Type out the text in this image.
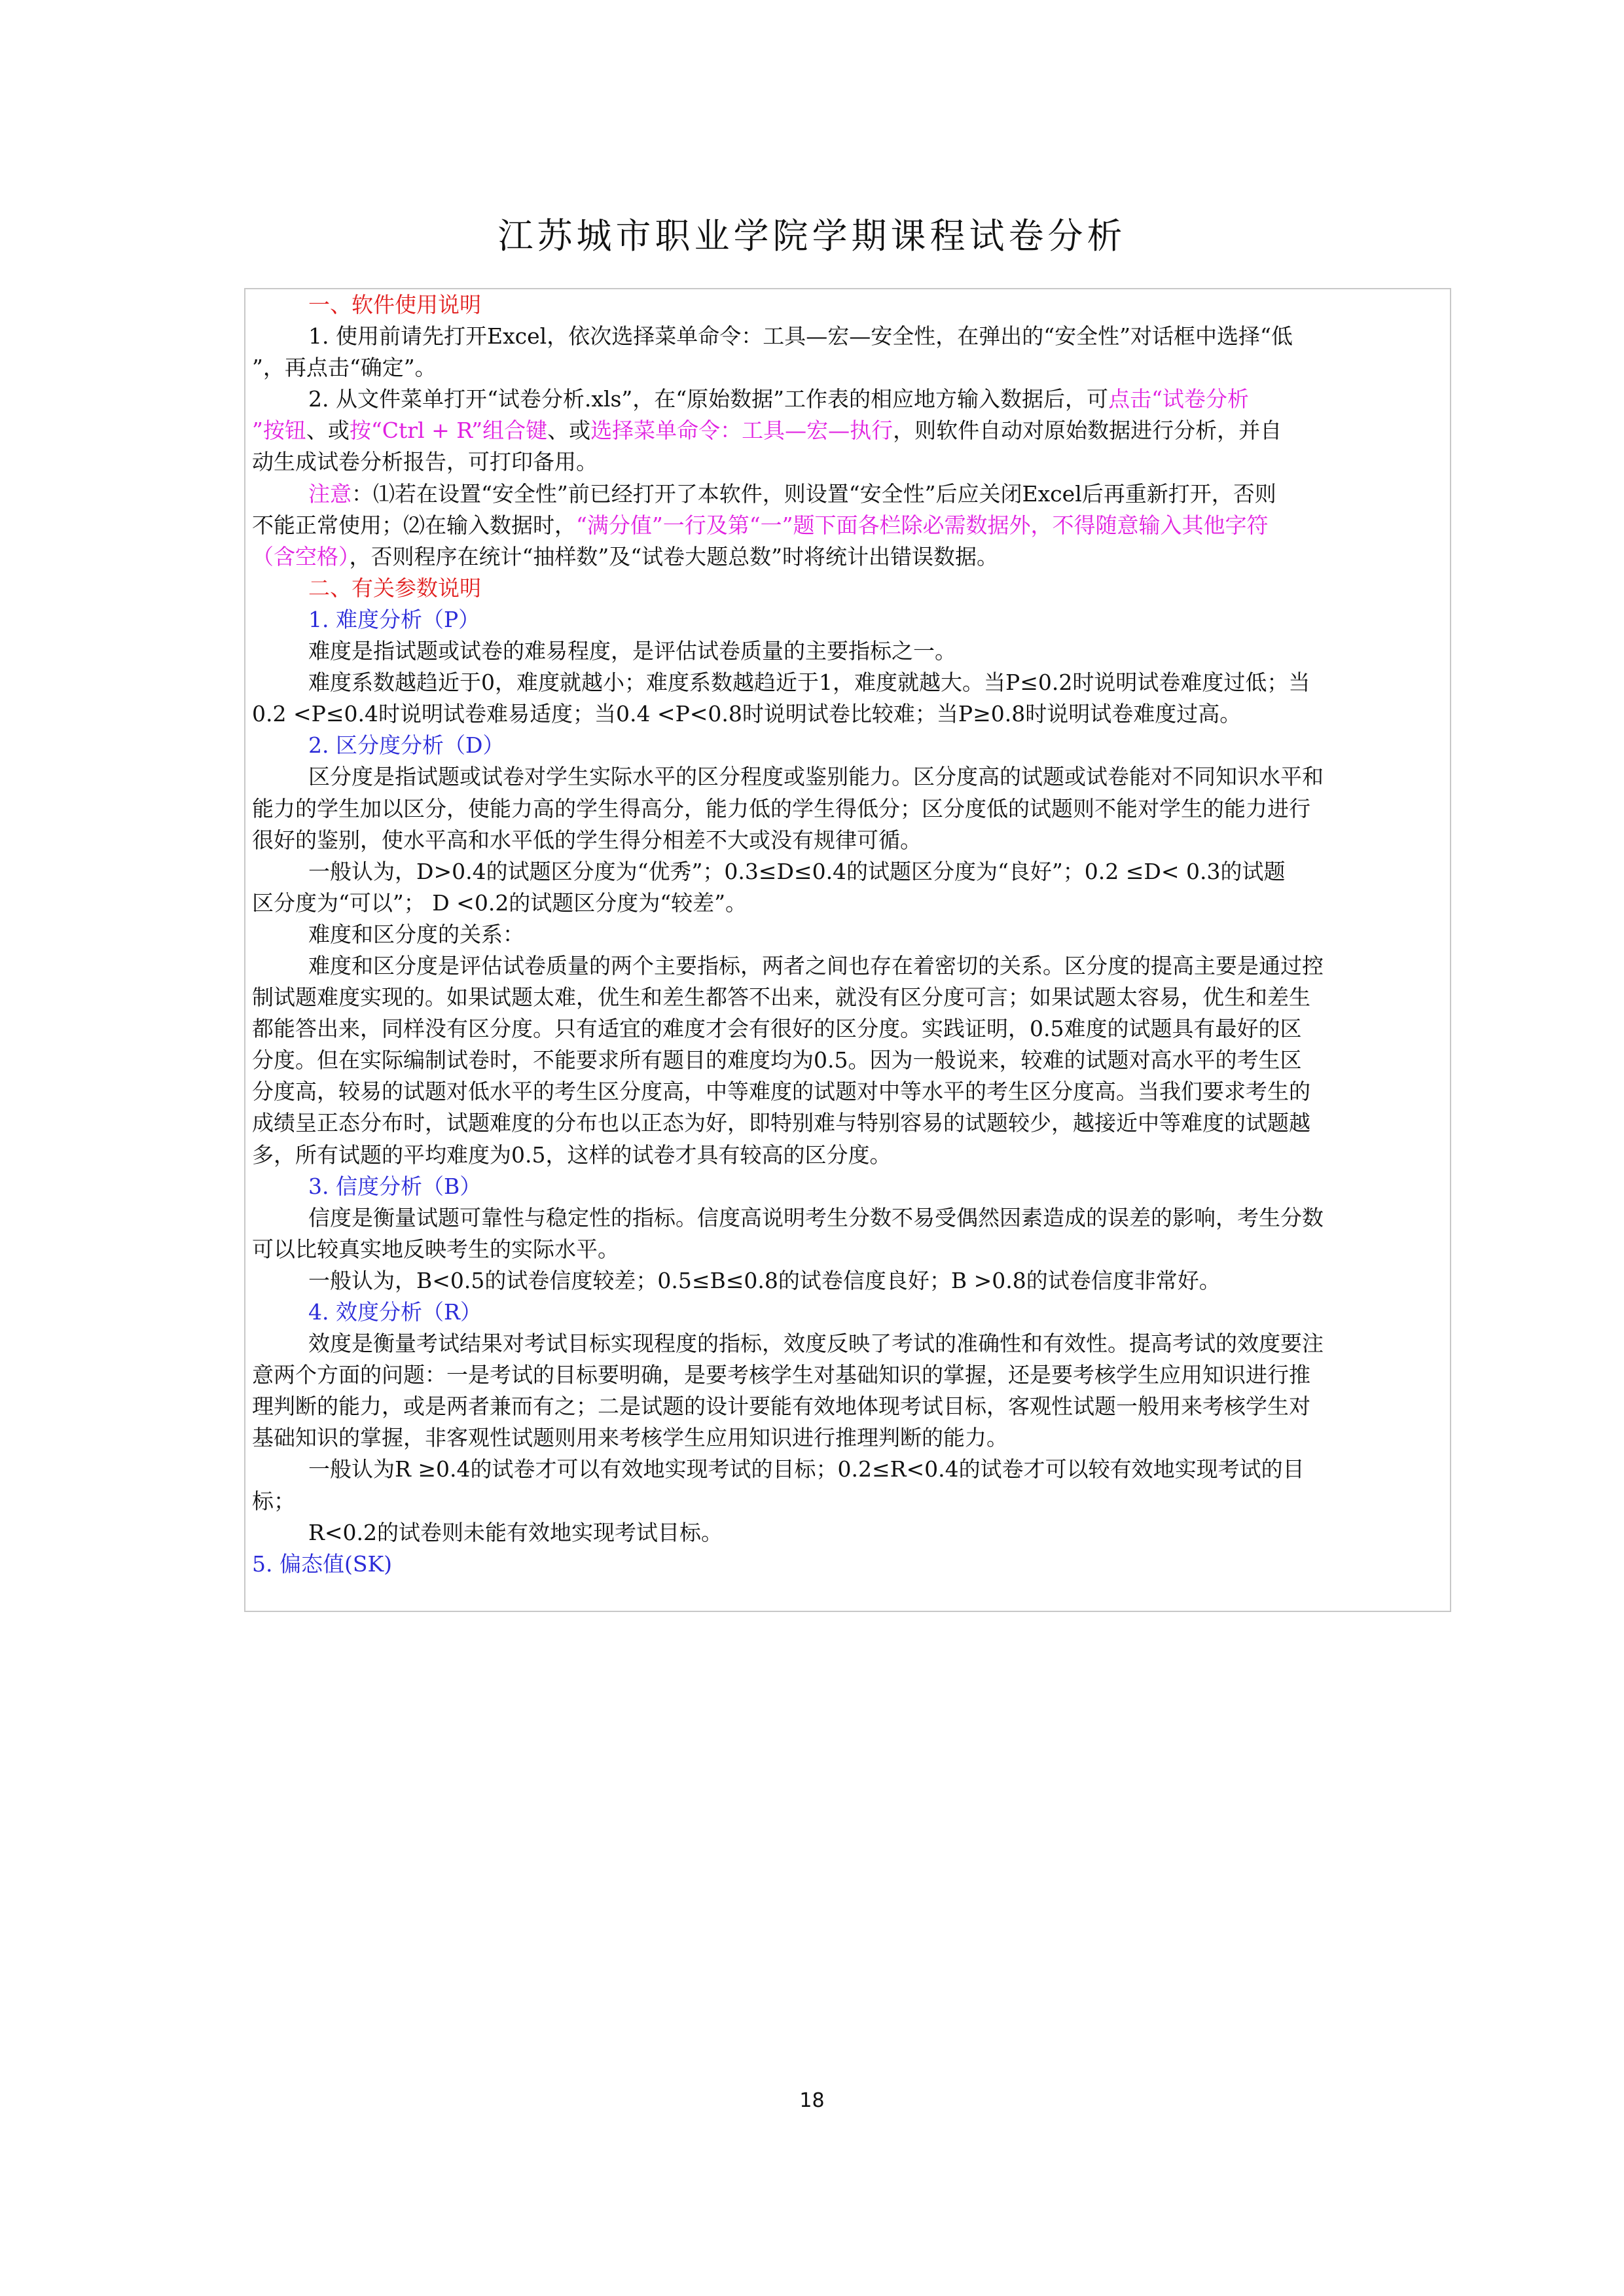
江苏城市职业学院学期课程试卷分析
一、软件使用说明
1. 使用前请先打开Excel，依次选择菜单命令：工具—宏—安全性，在弹出的“安全性”对话框中选择“低
”，再点击“确定”。
2. 从文件菜单打开“试卷分析.xls”，在“原始数据”工作表的相应地方输入数据后，可点击“试卷分析
”按钮、或按“Ctrl + R”组合键、或选择菜单命令：工具—宏—执行，则软件自动对原始数据进行分析，并自
动生成试卷分析报告，可打印备用。
注意：⑴若在设置“安全性”前已经打开了本软件，则设置“安全性”后应关闭Excel后再重新打开，否则
不能正常使用；⑵在输入数据时，“满分值”一行及第“一”题下面各栏除必需数据外，不得随意输入其他字符
（含空格），否则程序在统计“抽样数”及“试卷大题总数”时将统计出错误数据。
二、有关参数说明
1. 难度分析（P）
难度是指试题或试卷的难易程度，是评估试卷质量的主要指标之一。
难度系数越趋近于0，难度就越小；难度系数越趋近于1，难度就越大。当P≤0.2时说明试卷难度过低；当
0.2 <P≤0.4时说明试卷难易适度；当0.4 <P<0.8时说明试卷比较难；当P≥0.8时说明试卷难度过高。
2. 区分度分析（D）
区分度是指试题或试卷对学生实际水平的区分程度或鉴别能力。区分度高的试题或试卷能对不同知识水平和
能力的学生加以区分，使能力高的学生得高分，能力低的学生得低分；区分度低的试题则不能对学生的能力进行
很好的鉴别，使水平高和水平低的学生得分相差不大或没有规律可循。
一般认为，D>0.4的试题区分度为“优秀”；0.3≤D≤0.4的试题区分度为“良好”；0.2 ≤D< 0.3的试题
区分度为“可以”； D <0.2的试题区分度为“较差”。
难度和区分度的关系：
难度和区分度是评估试卷质量的两个主要指标，两者之间也存在着密切的关系。区分度的提高主要是通过控
制试题难度实现的。如果试题太难，优生和差生都答不出来，就没有区分度可言；如果试题太容易，优生和差生
都能答出来，同样没有区分度。只有适宜的难度才会有很好的区分度。实践证明，0.5难度的试题具有最好的区
分度。但在实际编制试卷时，不能要求所有题目的难度均为0.5。因为一般说来，较难的试题对高水平的考生区
分度高，较易的试题对低水平的考生区分度高，中等难度的试题对中等水平的考生区分度高。当我们要求考生的
成绩呈正态分布时，试题难度的分布也以正态为好，即特别难与特别容易的试题较少，越接近中等难度的试题越
多，所有试题的平均难度为0.5，这样的试卷才具有较高的区分度。
3. 信度分析（B）
信度是衡量试题可靠性与稳定性的指标。信度高说明考生分数不易受偶然因素造成的误差的影响，考生分数
可以比较真实地反映考生的实际水平。
一般认为，B<0.5的试卷信度较差；0.5≤B≤0.8的试卷信度良好；B >0.8的试卷信度非常好。
4. 效度分析（R）
效度是衡量考试结果对考试目标实现程度的指标，效度反映了考试的准确性和有效性。提高考试的效度要注
意两个方面的问题：一是考试的目标要明确，是要考核学生对基础知识的掌握，还是要考核学生应用知识进行推
理判断的能力，或是两者兼而有之；二是试题的设计要能有效地体现考试目标，客观性试题一般用来考核学生对
基础知识的掌握，非客观性试题则用来考核学生应用知识进行推理判断的能力。
一般认为R ≥0.4的试卷才可以有效地实现考试的目标；0.2≤R<0.4的试卷才可以较有效地实现考试的目
标；
R<0.2的试卷则未能有效地实现考试目标。
5. 偏态值(SK)
18
